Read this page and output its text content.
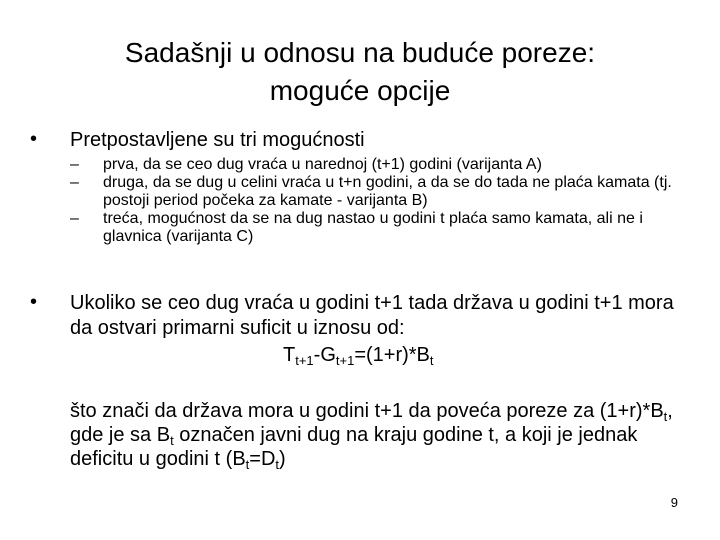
Sadašnji u odnosu na buduće poreze:
moguće opcije
• Pretpostavljene su tri mogućnosti
– prva, da se ceo dug vraća u narednoj (t+1) godini (varijanta A)
– druga, da se dug u celini vraća u t+n godini, a da se do tada ne plaća kamata (tj. postoji period počeka za kamate - varijanta B)
– treća, mogućnost da se na dug nastao u godini t plaća samo kamata, ali ne i glavnica (varijanta C)
• Ukoliko se ceo dug vraća u godini t+1 tada država u godini t+1 mora da ostvari primarni suficit u iznosu od:
$T_{t+1}-G_{t+1}=(1+r)*B_t$
što znači da država mora u godini t+1 da poveća poreze za $(1+r)*B_t$, gde je sa $B_t$ označen javni dug na kraju godine t, a koji je jednak deficitu u godini t $(B_t=D_t)$
9
